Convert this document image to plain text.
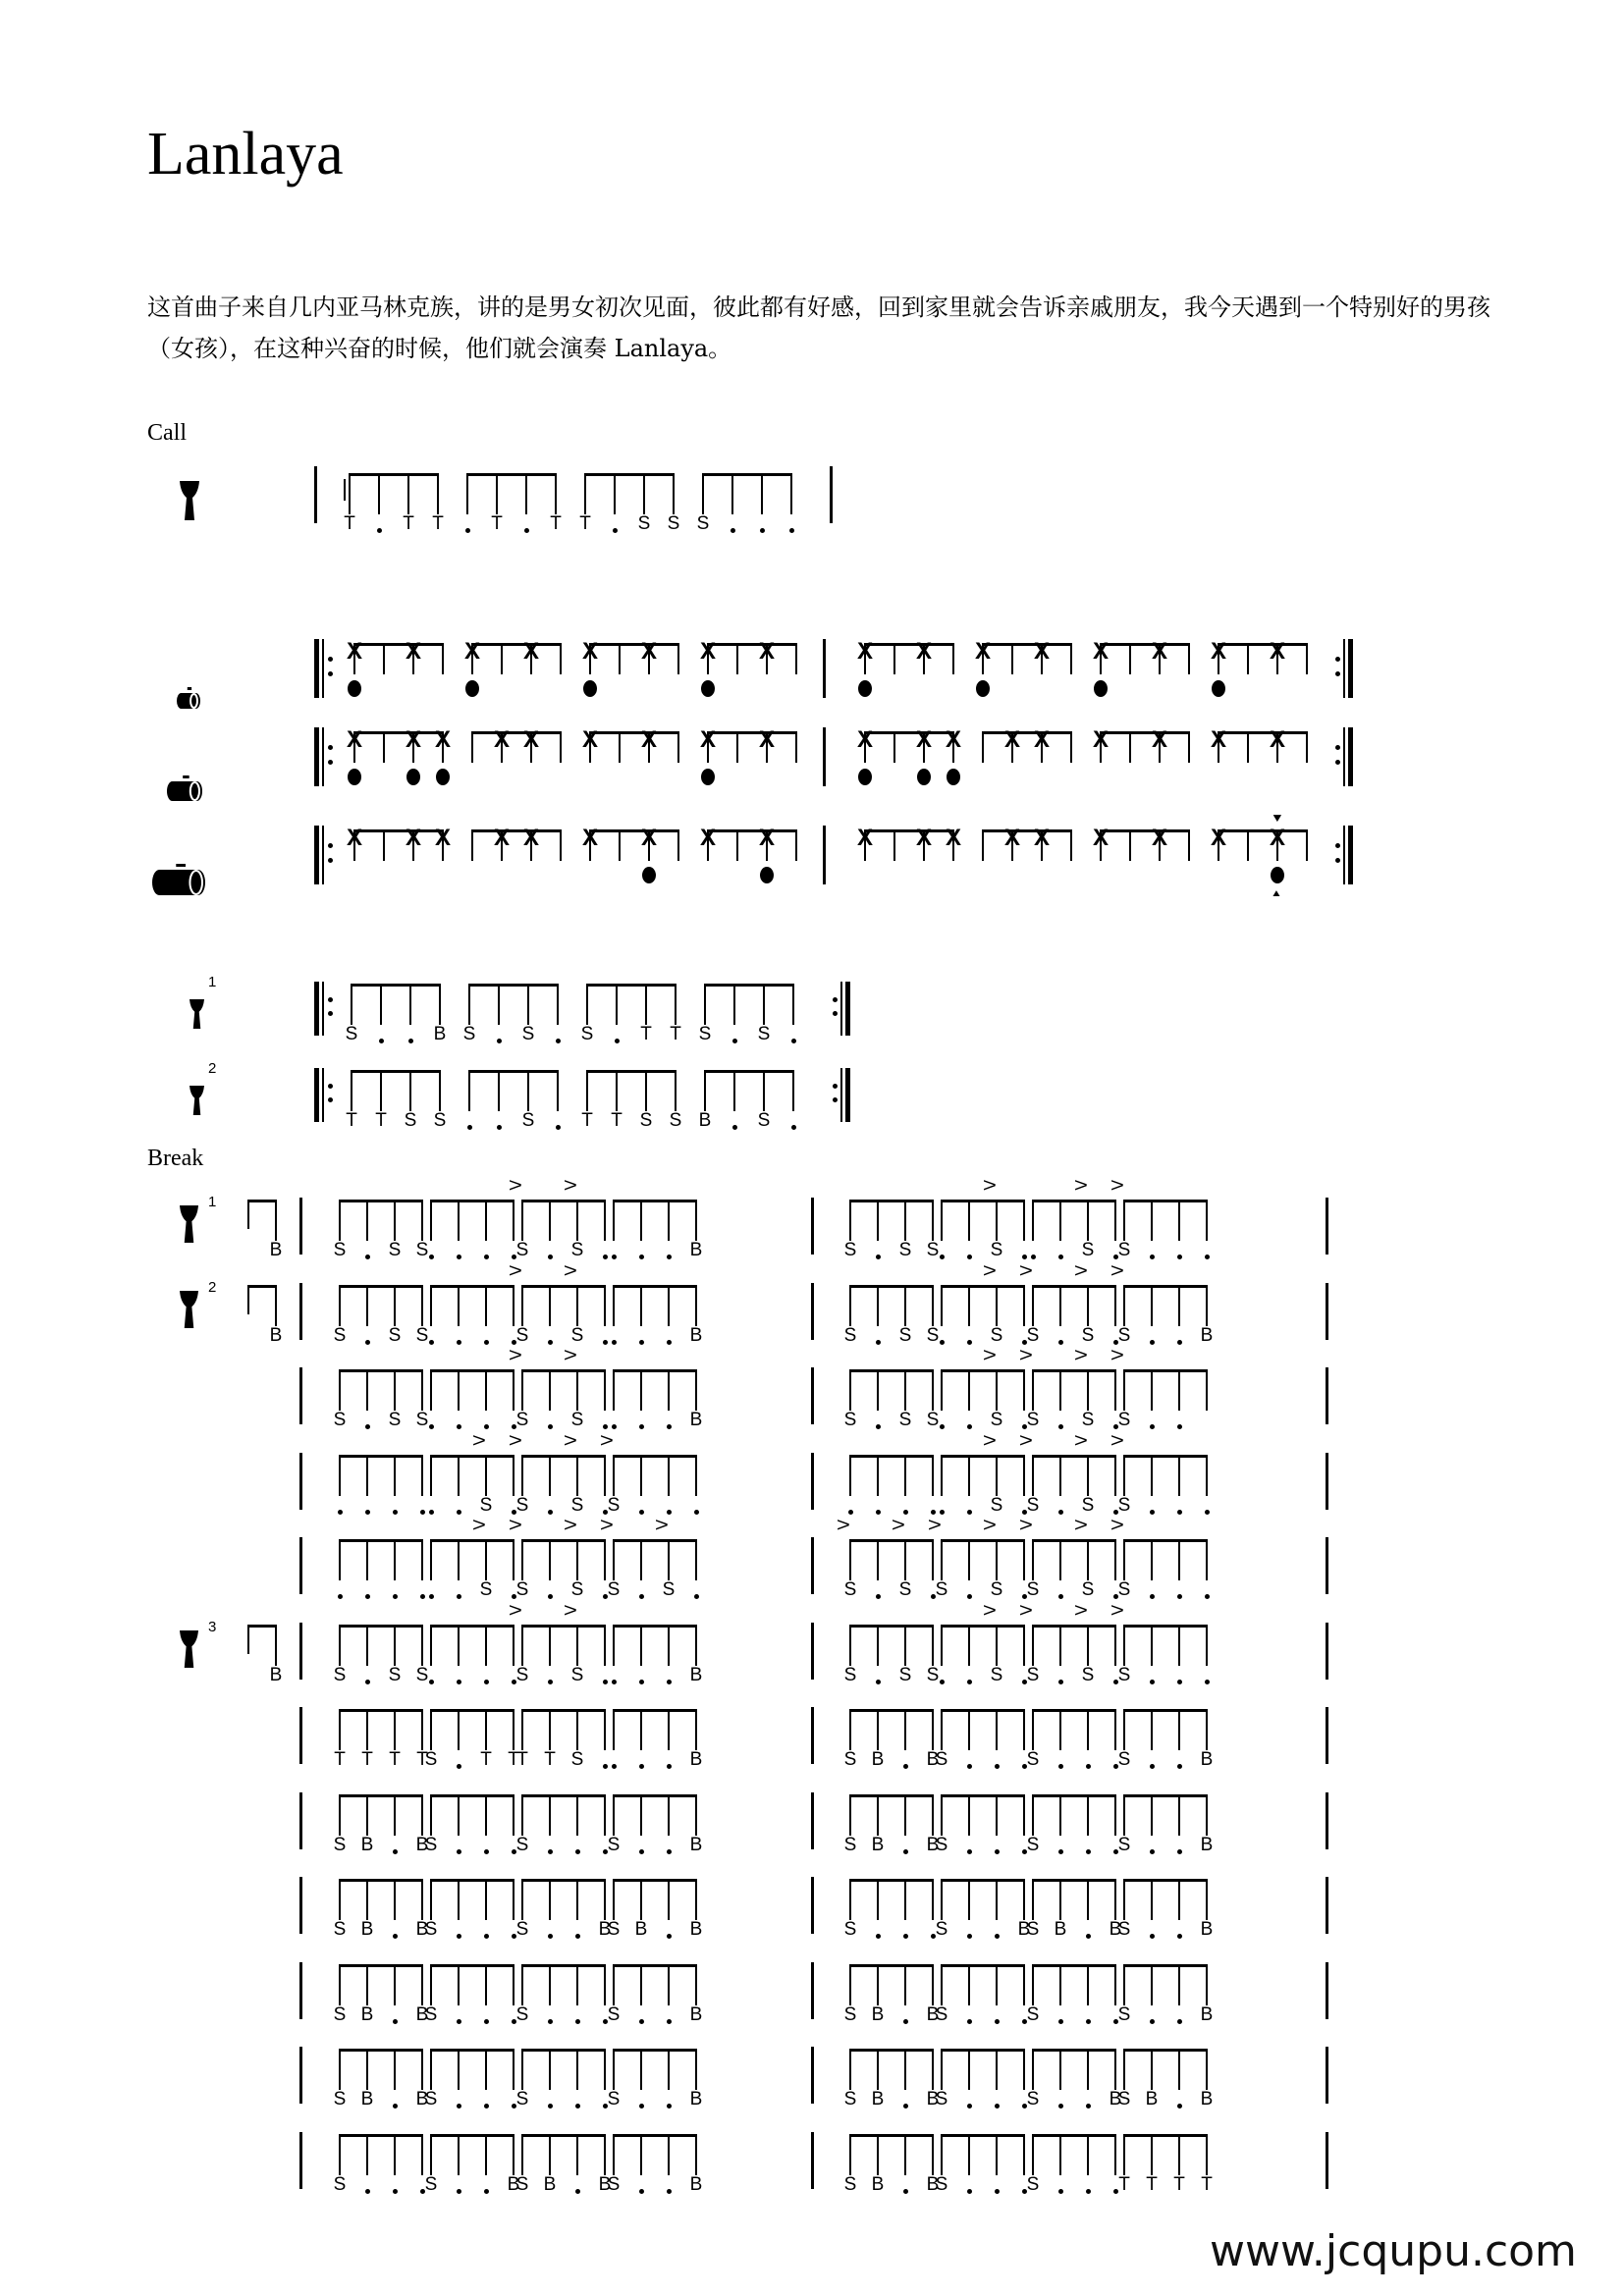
Lanlaya
这首曲子来自几内亚马林克族，讲的是男女初次见面，彼此都有好感，回到家里就会告诉亲戚朋友，我今天遇到一个特别好的男孩（女孩），在这种兴奋的时候，他们就会演奏 Lanlaya。
Call
Break
T	T T	T	T T	S S S
X X X X X X X X	X X X X X X X X
X X X X X X X X X	X X X X X X X X X
X X X X X X X X X	X X X X X X X X X
▼
▲
1
S	B S S S	T T S S
2
T T S S	S	T T S S B S
1
B	S S S	S
>
S
>
B	S S S	S
>
S
>
S
>
2
B	S S S	S
>
S
>
B	S S S	S
>
S
>
S
>
S
>
B
S S S	S
>
S
>
B	S S S	S
>
S
>
S
>
S
>
S
>
S
>
S
>
S
>
S
>
S
>
S
>
S
>
S
>
S
>
S
>
S
>
S
>
S
>
S
>
S
>
S
>
S
>
S
>
S
>
3
B	S S S	S
>
S
>
B	S S S	S
>
S
>
S
>
S
>
T T T T
S T T
T T S	B	S B B
S	S	S	B
S B B
S	S	S	B	S B B
S	S	S	B
S B B
S	S	B
S B B	S	S	B
S B B
S	B
S B B
S	S	S	B	S B B
S	S	S	B
S B B
S	S	S	B	S B B
S	S	B
S B B
S	S	B
S B B
S	B	S B B
S	S	T T T T
www.jcqupu.com
